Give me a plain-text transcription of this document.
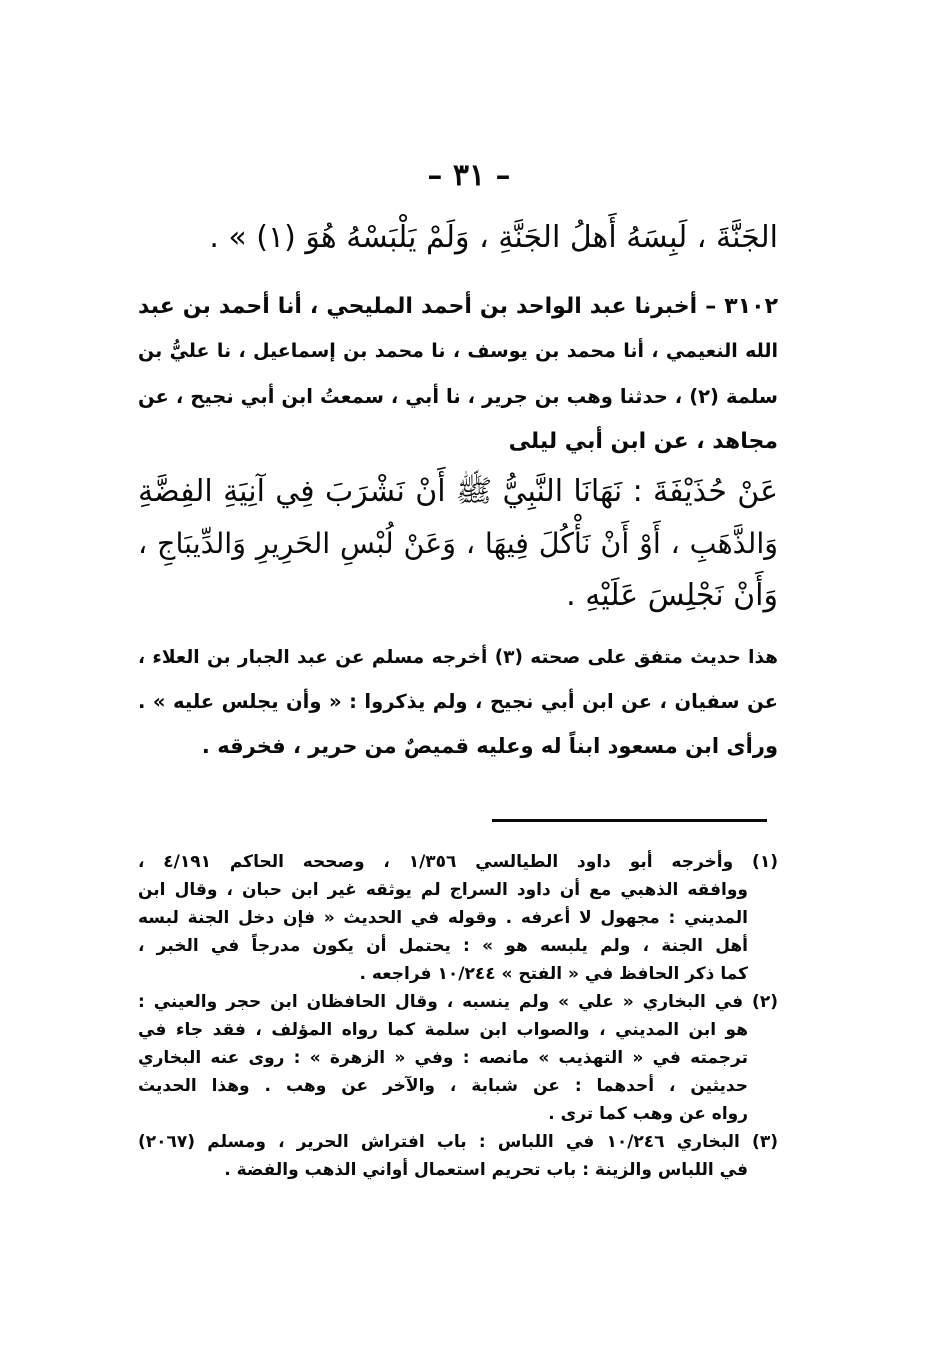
– ٣١ –
الجَنَّةَ ، لَبِسَهُ أَهلُ الجَنَّةِ ، وَلَمْ يَلْبَسْهُ هُوَ (١) » .
٣١٠٢ – أخبرنا عبد الواحد بن أحمد المليحي ، أنا أحمد بن عبد
الله النعيمي ، أنا محمد بن يوسف ، نا محمد بن إسماعيل ، نا عليُّ بن
سلمة (٢) ، حدثنا وهب بن جرير ، نا أبي ، سمعتُ ابن أبي نجيح ، عن
مجاهد ، عن ابن أبي ليلى
عَنْ حُذَيْفَةَ : نَهَانَا النَّبِيُّ ﷺ أَنْ نَشْرَبَ فِي آنِيَةِ الفِضَّةِ
وَالذَّهَبِ ، أَوْ أَنْ نَأْكُلَ فِيهَا ، وَعَنْ لُبْسِ الحَرِيرِ وَالدِّيبَاجِ ،
وَأَنْ نَجْلِسَ عَلَيْهِ .
هذا حديث متفق على صحته (٣) أخرجه مسلم عن عبد الجبار بن العلاء ،
عن سفيان ، عن ابن أبي نجيح ، ولم يذكروا : « وأن يجلس عليه » .
ورأى ابن مسعود ابناً له وعليه قميصٌ من حرير ، فخرقه .
(١) وأخرجه أبو داود الطيالسي ١/٣٥٦ ، وصححه الحاكم ٤/١٩١ ،
ووافقه الذهبي مع أن داود السراج لم يوثقه غير ابن حبان ، وقال ابن
المديني : مجهول لا أعرفه . وقوله في الحديث « فإن دخل الجنة لبسه
أهل الجنة ، ولم يلبسه هو » : يحتمل أن يكون مدرجاً في الخبر ،
كما ذكر الحافظ في « الفتح » ١٠/٢٤٤ فراجعه .
(٢) في البخاري « علي » ولم ينسبه ، وقال الحافظان ابن حجر والعيني :
هو ابن المديني ، والصواب ابن سلمة كما رواه المؤلف ، فقد جاء في
ترجمته في « التهذيب » مانصه : وفي « الزهرة » : روى عنه البخاري
حديثين ، أحدهما : عن شبابة ، والآخر عن وهب . وهذا الحديث
رواه عن وهب كما ترى .
(٣) البخاري ١٠/٢٤٦ في اللباس : باب افتراش الحرير ، ومسلم (٢٠٦٧)
في اللباس والزينة : باب تحريم استعمال أواني الذهب والفضة .
